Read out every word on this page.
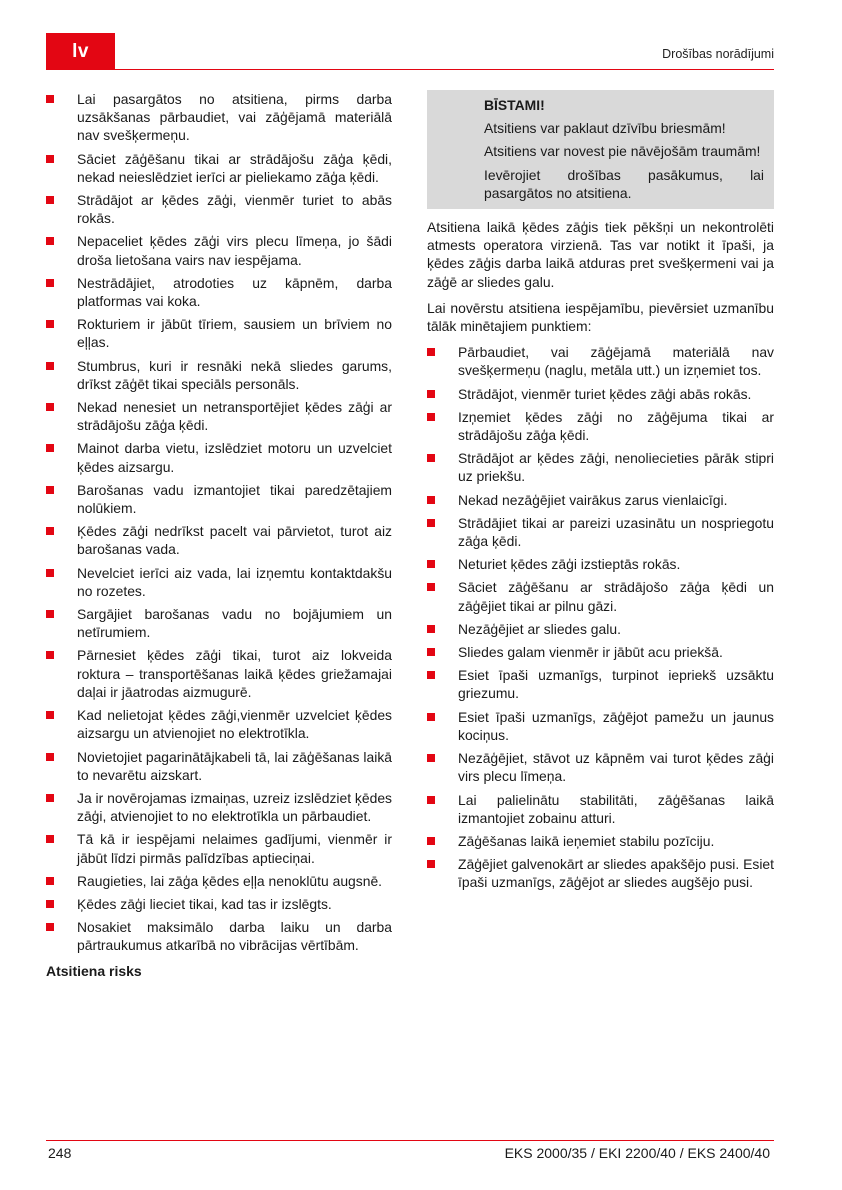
lv	Drošības norādījumi
Lai pasargātos no atsitiena, pirms darba uzsākšanas pārbaudiet, vai zāģējamā materiālā nav svešķermeņu.
Sāciet zāģēšanu tikai ar strādājošu zāģa ķēdi, nekad neieslēdziet ierīci ar pieliekamo zāģa ķēdi.
Strādājot ar ķēdes zāģi, vienmēr turiet to abās rokās.
Nepaceliet ķēdes zāģi virs plecu līmeņa, jo šādi droša lietošana vairs nav iespējama.
Nestrādājiet, atrodoties uz kāpnēm, darba platformas vai koka.
Rokturiem ir jābūt tīriem, sausiem un brīviem no eļļas.
Stumbrus, kuri ir resnāki nekā sliedes garums, drīkst zāģēt tikai speciāls personāls.
Nekad nenesiet un netransportējiet ķēdes zāģi ar strādājošu zāģa ķēdi.
Mainot darba vietu, izslēdziet motoru un uzvelciet ķēdes aizsargu.
Barošanas vadu izmantojiet tikai paredzētajiem nolūkiem.
Ķēdes zāģi nedrīkst pacelt vai pārvietot, turot aiz barošanas vada.
Nevelciet ierīci aiz vada, lai izņemtu kontaktdakšu no rozetes.
Sargājiet barošanas vadu no bojājumiem un netīrumiem.
Pārnesiet ķēdes zāģi tikai, turot aiz lokveida roktura – transportēšanas laikā ķēdes griežamajai daļai ir jāatrodas aizmugurē.
Kad nelietojat ķēdes zāģi,vienmēr uzvelciet ķēdes aizsargu un atvienojiet no elektrotīkla.
Novietojiet pagarinātājkabeli tā, lai zāģēšanas laikā to nevarētu aizskart.
Ja ir novērojamas izmaiņas, uzreiz izslēdziet ķēdes zāģi, atvienojiet to no elektrotīkla un pārbaudiet.
Tā kā ir iespējami nelaimes gadījumi, vienmēr ir jābūt līdzi pirmās palīdzības aptieciņai.
Raugieties, lai zāģa ķēdes eļļa nenoklūtu augsnē.
Ķēdes zāģi lieciet tikai, kad tas ir izslēgts.
Nosakiet maksimālo darba laiku un darba pārtraukumus atkarībā no vibrācijas vērtībām.
Atsitiena risks
BĪSTAMI!

Atsitiens var paklaut dzīvību briesmām!

Atsitiens var novest pie nāvējošām traumām!

Ievērojiet drošības pasākumus, lai pasargātos no atsitiena.

Atsitiena laikā ķēdes zāģis tiek pēkšņi un nekontrolēti atmests operatora virzienā. Tas var notikt it īpaši, ja ķēdes zāģis darba laikā atduras pret svešķermeni vai ja zāģē ar sliedes galu.

Lai novērstu atsitiena iespējamību, pievērsiet uzmanību tālāk minētajiem punktiem:

Pārbaudiet, vai zāģējamā materiālā nav svešķermeņu (naglu, metāla utt.) un izņemiet tos.
Strādājot, vienmēr turiet ķēdes zāģi abās rokās.
Izņemiet ķēdes zāģi no zāģējuma tikai ar strādājošu zāģa ķēdi.
Strādājot ar ķēdes zāģi, nenoliecieties pārāk stipri uz priekšu.
Nekad nezāģējiet vairākus zarus vienlaicīgi.
Strādājiet tikai ar pareizi uzasinātu un nospriegotu zāģa ķēdi.
Neturiet ķēdes zāģi izstieptās rokās.
Sāciet zāģēšanu ar strādājošo zāģa ķēdi un zāģējiet tikai ar pilnu gāzi.
Nezāģējiet ar sliedes galu.
Sliedes galam vienmēr ir jābūt acu priekšā.
Esiet īpaši uzmanīgs, turpinot iepriekš uzsāktu griezumu.
Esiet īpaši uzmanīgs, zāģējot pamežu un jaunus kociņus.
Nezāģējiet, stāvot uz kāpnēm vai turot ķēdes zāģi virs plecu līmeņa.
Lai palielinātu stabilitāti, zāģēšanas laikā izmantojiet zobainu atturi.
Zāģēšanas laikā ieņemiet stabilu pozīciju.
Zāģējiet galvenokārt ar sliedes apakšējo pusi. Esiet īpaši uzmanīgs, zāģējot ar sliedes augšējo pusi.
248	EKS 2000/35 / EKI 2200/40 / EKS 2400/40
